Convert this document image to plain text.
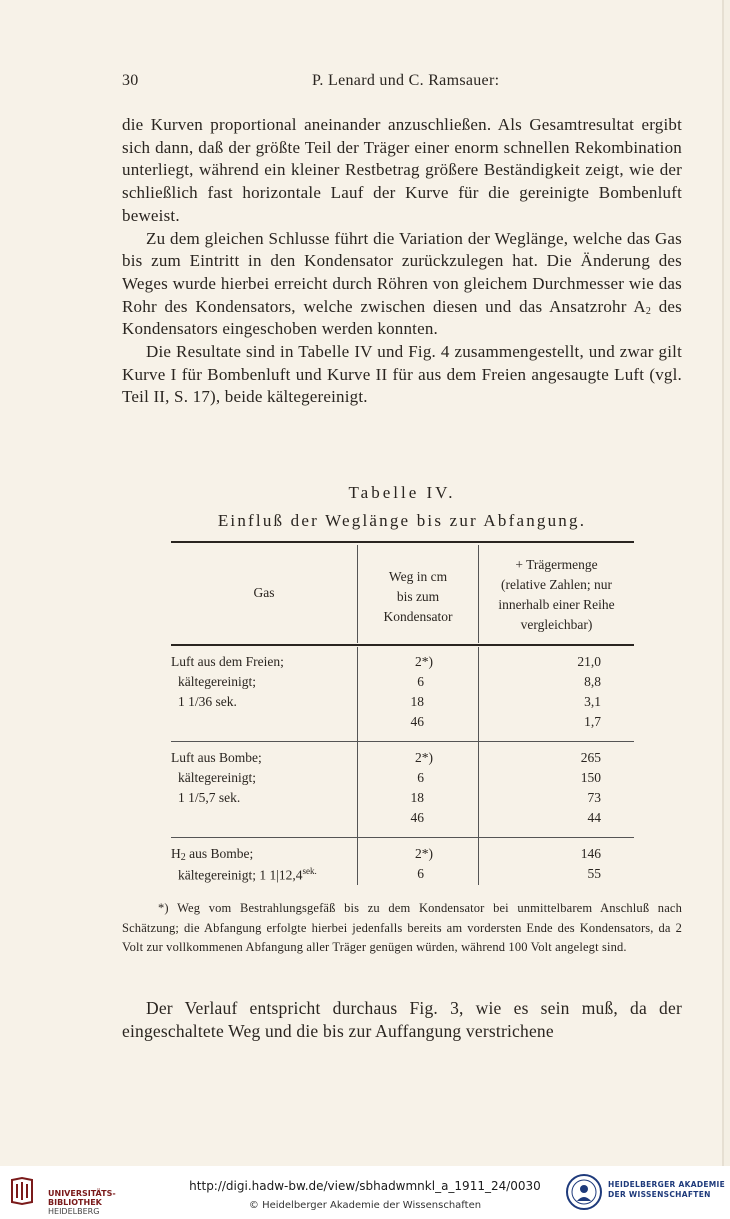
30	P. Lenard und C. Ramsauer:

die Kurven proportional aneinander anzuschließen. Als Gesamtresultat ergibt sich dann, daß der größte Teil der Träger einer enorm schnellen Rekombination unterliegt, während ein kleiner Restbetrag größere Beständigkeit zeigt, wie der schließlich fast horizontale Lauf der Kurve für die gereinigte Bombenluft beweist.

Zu dem gleichen Schlusse führt die Variation der Weglänge, welche das Gas bis zum Eintritt in den Kondensator zurückzulegen hat. Die Änderung des Weges wurde hierbei erreicht durch Röhren von gleichem Durchmesser wie das Rohr des Kondensators, welche zwischen diesen und das Ansatzrohr $A_2$ des Kondensators eingeschoben werden konnten.

Die Resultate sind in Tabelle IV und Fig. 4 zusammengestellt, und zwar gilt Kurve I für Bombenluft und Kurve II für aus dem Freien angesaugte Luft (vgl. Teil II, S. 17), beide kältegereinigt.

Tabelle IV.
Einfluß der Weglänge bis zur Abfangung.
Gas
Weg in cm
bis zum
Kondensator
+ Trägermenge
(relative Zahlen; nur
innerhalb einer Reihe
vergleichbar)
Luft aus dem Freien;
kältegereinigt;
1 1/36 sek.
2*)
6
18
46
21,0
8,8
3,1
1,7
Luft aus Bombe;
kältegereinigt;
1 1/5,7 sek.
2*)
6
18
46
265
150
73
44
$H_2$ aus Bombe;
kältegereinigt; 1 $1|12,4^{sek.}$
2*)
6
146
55

*) Weg vom Bestrahlungsgefäß bis zu dem Kondensator bei unmittelbarem Anschluß nach Schätzung; die Abfangung erfolgte hierbei jedenfalls bereits am vordersten Ende des Kondensators, da 2 Volt zur vollkommenen Abfangung aller Träger genügen würden, während 100 Volt angelegt sind.

Der Verlauf entspricht durchaus Fig. 3, wie es sein muß, da der eingeschaltete Weg und die bis zur Auffangung verstrichene

UNIVERSITÄTS-
BIBLIOTHEK
HEIDELBERG
http://digi.hadw-bw.de/view/sbhadwmnkl_a_1911_24/0030
© Heidelberger Akademie der Wissenschaften
HEIDELBERGER AKADEMIE
DER WISSENSCHAFTEN
